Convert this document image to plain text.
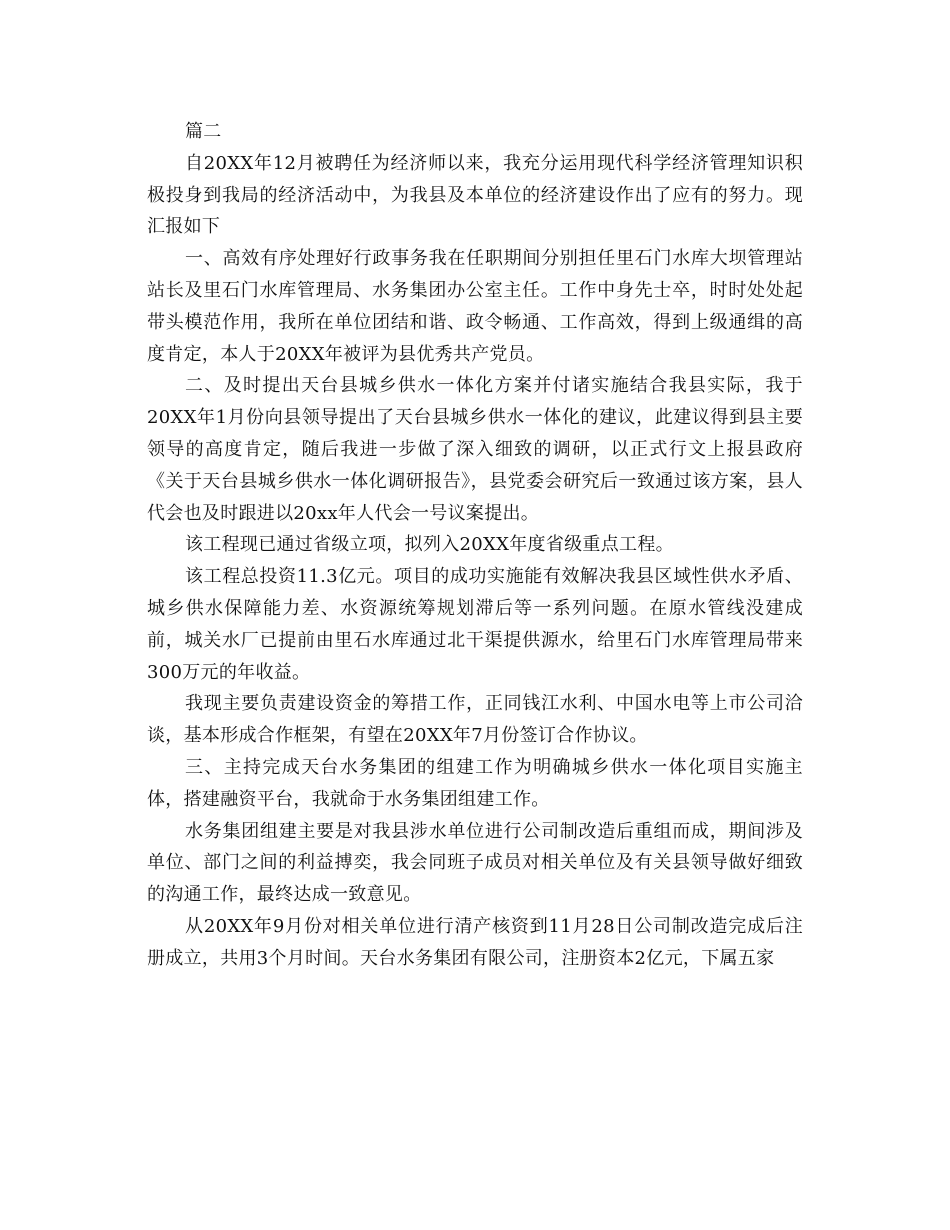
篇二

自20XX年12月被聘任为经济师以来，我充分运用现代科学经济管理知识积极投身到我局的经济活动中，为我县及本单位的经济建设作出了应有的努力。现汇报如下

一、高效有序处理好行政事务我在任职期间分别担任里石门水库大坝管理站站长及里石门水库管理局、水务集团办公室主任。工作中身先士卒，时时处处起带头模范作用，我所在单位团结和谐、政令畅通、工作高效，得到上级通缉的高度肯定，本人于20XX年被评为县优秀共产党员。

二、及时提出天台县城乡供水一体化方案并付诸实施结合我县实际，我于20XX年1月份向县领导提出了天台县城乡供水一体化的建议，此建议得到县主要领导的高度肯定，随后我进一步做了深入细致的调研，以正式行文上报县政府《关于天台县城乡供水一体化调研报告》，县党委会研究后一致通过该方案，县人代会也及时跟进以20xx年人代会一号议案提出。

该工程现已通过省级立项，拟列入20XX年度省级重点工程。

该工程总投资11.3亿元。项目的成功实施能有效解决我县区域性供水矛盾、城乡供水保障能力差、水资源统筹规划滞后等一系列问题。在原水管线没建成前，城关水厂已提前由里石水库通过北干渠提供源水，给里石门水库管理局带来300万元的年收益。

我现主要负责建设资金的筹措工作，正同钱江水利、中国水电等上市公司洽谈，基本形成合作框架，有望在20XX年7月份签订合作协议。

三、主持完成天台水务集团的组建工作为明确城乡供水一体化项目实施主体，搭建融资平台，我就命于水务集团组建工作。

水务集团组建主要是对我县涉水单位进行公司制改造后重组而成，期间涉及单位、部门之间的利益搏奕，我会同班子成员对相关单位及有关县领导做好细致的沟通工作，最终达成一致意见。

从20XX年9月份对相关单位进行清产核资到11月28日公司制改造完成后注册成立，共用3个月时间。天台水务集团有限公司，注册资本2亿元，下属五家
